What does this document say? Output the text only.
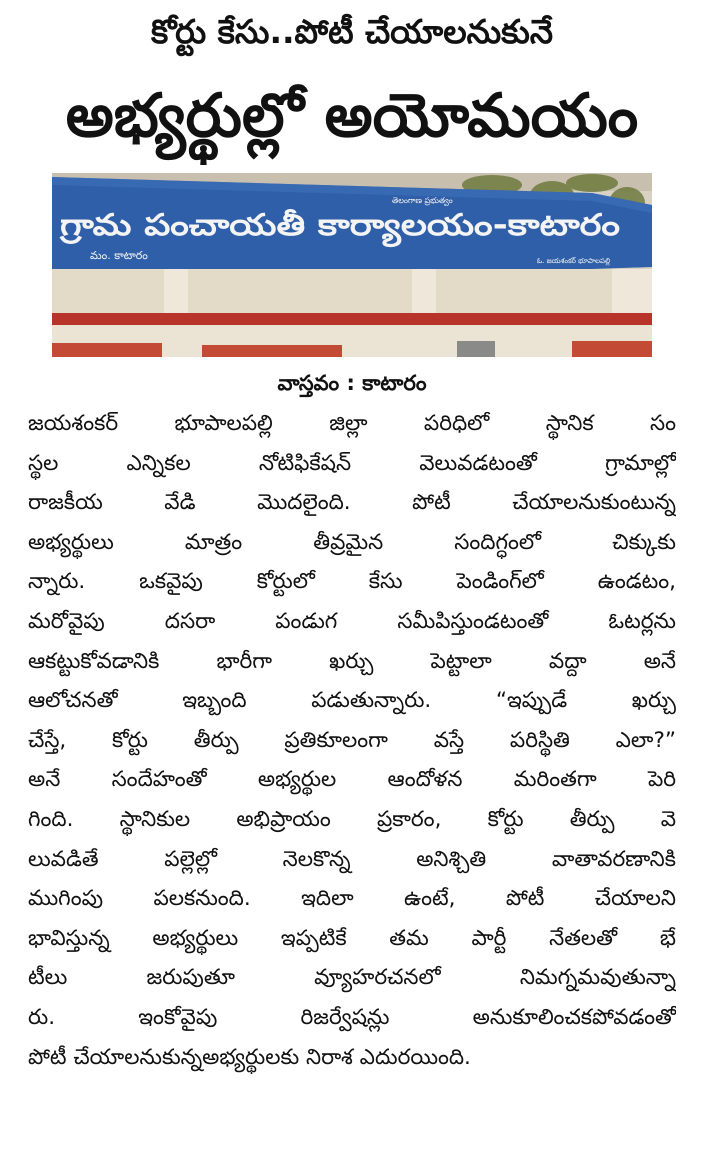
కోర్టు కేసు..పోటీ చేయాలనుకునే
అభ్యర్థుల్లో అయోమయం
గ్రామ పంచాయతీ కార్యాలయం-కాటారం
తెలంగాణ ప్రభుత్వం
మం. కాటారం	ఓ. జయశంకర్ భూపాలపల్లి
వాస్తవం : కాటారం
జయశంకర్ భూపాలపల్లి జిల్లా పరిధిలో స్థానిక సం
స్థల ఎన్నికల నోటిఫికేషన్ వెలువడటంతో గ్రామాల్లో
రాజకీయ వేడి మొదలైంది. పోటీ చేయాలనుకుంటున్న
అభ్యర్థులు మాత్రం తీవ్రమైన సందిగ్ధంలో చిక్కుకు
న్నారు. ఒకవైపు కోర్టులో కేసు పెండింగ్‌లో ఉండటం,
మరోవైపు దసరా పండుగ సమీపిస్తుండటంతో ఓటర్లను
ఆకట్టుకోవడానికి భారీగా ఖర్చు పెట్టాలా వద్దా అనే
ఆలోచనతో ఇబ్బంది పడుతున్నారు. “ఇప్పుడే ఖర్చు
చేస్తే, కోర్టు తీర్పు ప్రతికూలంగా వస్తే పరిస్థితి ఎలా?”
అనే సందేహంతో అభ్యర్థుల ఆందోళన మరింతగా పెరి
గింది. స్థానికుల అభిప్రాయం ప్రకారం, కోర్టు తీర్పు వె
లువడితే పల్లెల్లో నెలకొన్న అనిశ్చితి వాతావరణానికి
ముగింపు పలకనుంది. ఇదిలా ఉంటే, పోటీ చేయాలని
భావిస్తున్న అభ్యర్థులు ఇప్పటికే తమ పార్టీ నేతలతో భే
టీలు జరుపుతూ వ్యూహరచనలో నిమగ్నమవుతున్నా
రు. ఇంకోవైపు రిజర్వేషన్లు అనుకూలించకపోవడంతో
పోటీ చేయాలనుకున్నఅభ్యర్థులకు నిరాశ ఎదురయింది.
